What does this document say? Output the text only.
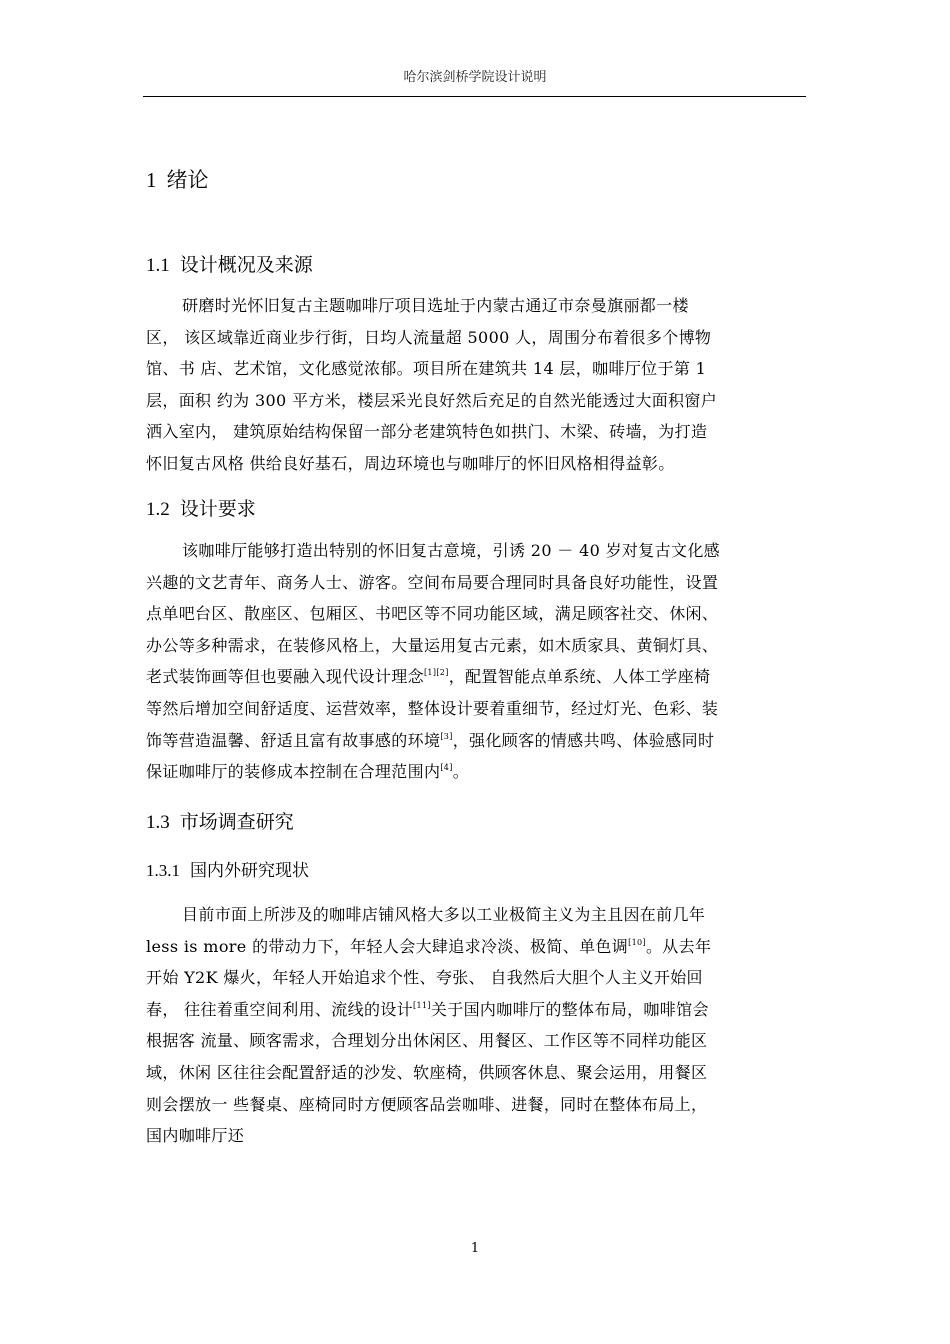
哈尔滨剑桥学院设计说明
1 绪论
1.1 设计概况及来源
研磨时光怀旧复古主题咖啡厅项目选址于内蒙古通辽市奈曼旗丽都一楼
区， 该区域靠近商业步行街，日均人流量超 5000 人，周围分布着很多个博物
馆、书 店、艺术馆，文化感觉浓郁。项目所在建筑共 14 层，咖啡厅位于第 1
层，面积 约为 300 平方米，楼层采光良好然后充足的自然光能透过大面积窗户
洒入室内， 建筑原始结构保留一部分老建筑特色如拱门、木梁、砖墙，为打造
怀旧复古风格 供给良好基石，周边环境也与咖啡厅的怀旧风格相得益彰。
1.2 设计要求
该咖啡厅能够打造出特别的怀旧复古意境，引诱 20 － 40 岁对复古文化感
兴趣的文艺青年、商务人士、游客。空间布局要合理同时具备良好功能性，设置
点单吧台区、散座区、包厢区、书吧区等不同功能区域，满足顾客社交、休闲、
办公等多种需求，在装修风格上，大量运用复古元素，如木质家具、黄铜灯具、
老式装饰画等但也要融入现代设计理念[1][2]，配置智能点单系统、人体工学座椅
等然后增加空间舒适度、运营效率，整体设计要着重细节，经过灯光、色彩、装
饰等营造温馨、舒适且富有故事感的环境[3]，强化顾客的情感共鸣、体验感同时
保证咖啡厅的装修成本控制在合理范围内[4]。
1.3 市场调查研究
1.3.1 国内外研究现状
目前市面上所涉及的咖啡店铺风格大多以工业极简主义为主且因在前几年
less is more 的带动力下，年轻人会大肆追求冷淡、极简、单色调[10]。从去年
开始 Y2K 爆火，年轻人开始追求个性、夸张、 自我然后大胆个人主义开始回
春， 往往着重空间利用、流线的设计[11]关于国内咖啡厅的整体布局，咖啡馆会
根据客 流量、顾客需求，合理划分出休闲区、用餐区、工作区等不同样功能区
域，休闲 区往往会配置舒适的沙发、软座椅，供顾客休息、聚会运用，用餐区
则会摆放一 些餐桌、座椅同时方便顾客品尝咖啡、进餐，同时在整体布局上，
国内咖啡厅还
1
